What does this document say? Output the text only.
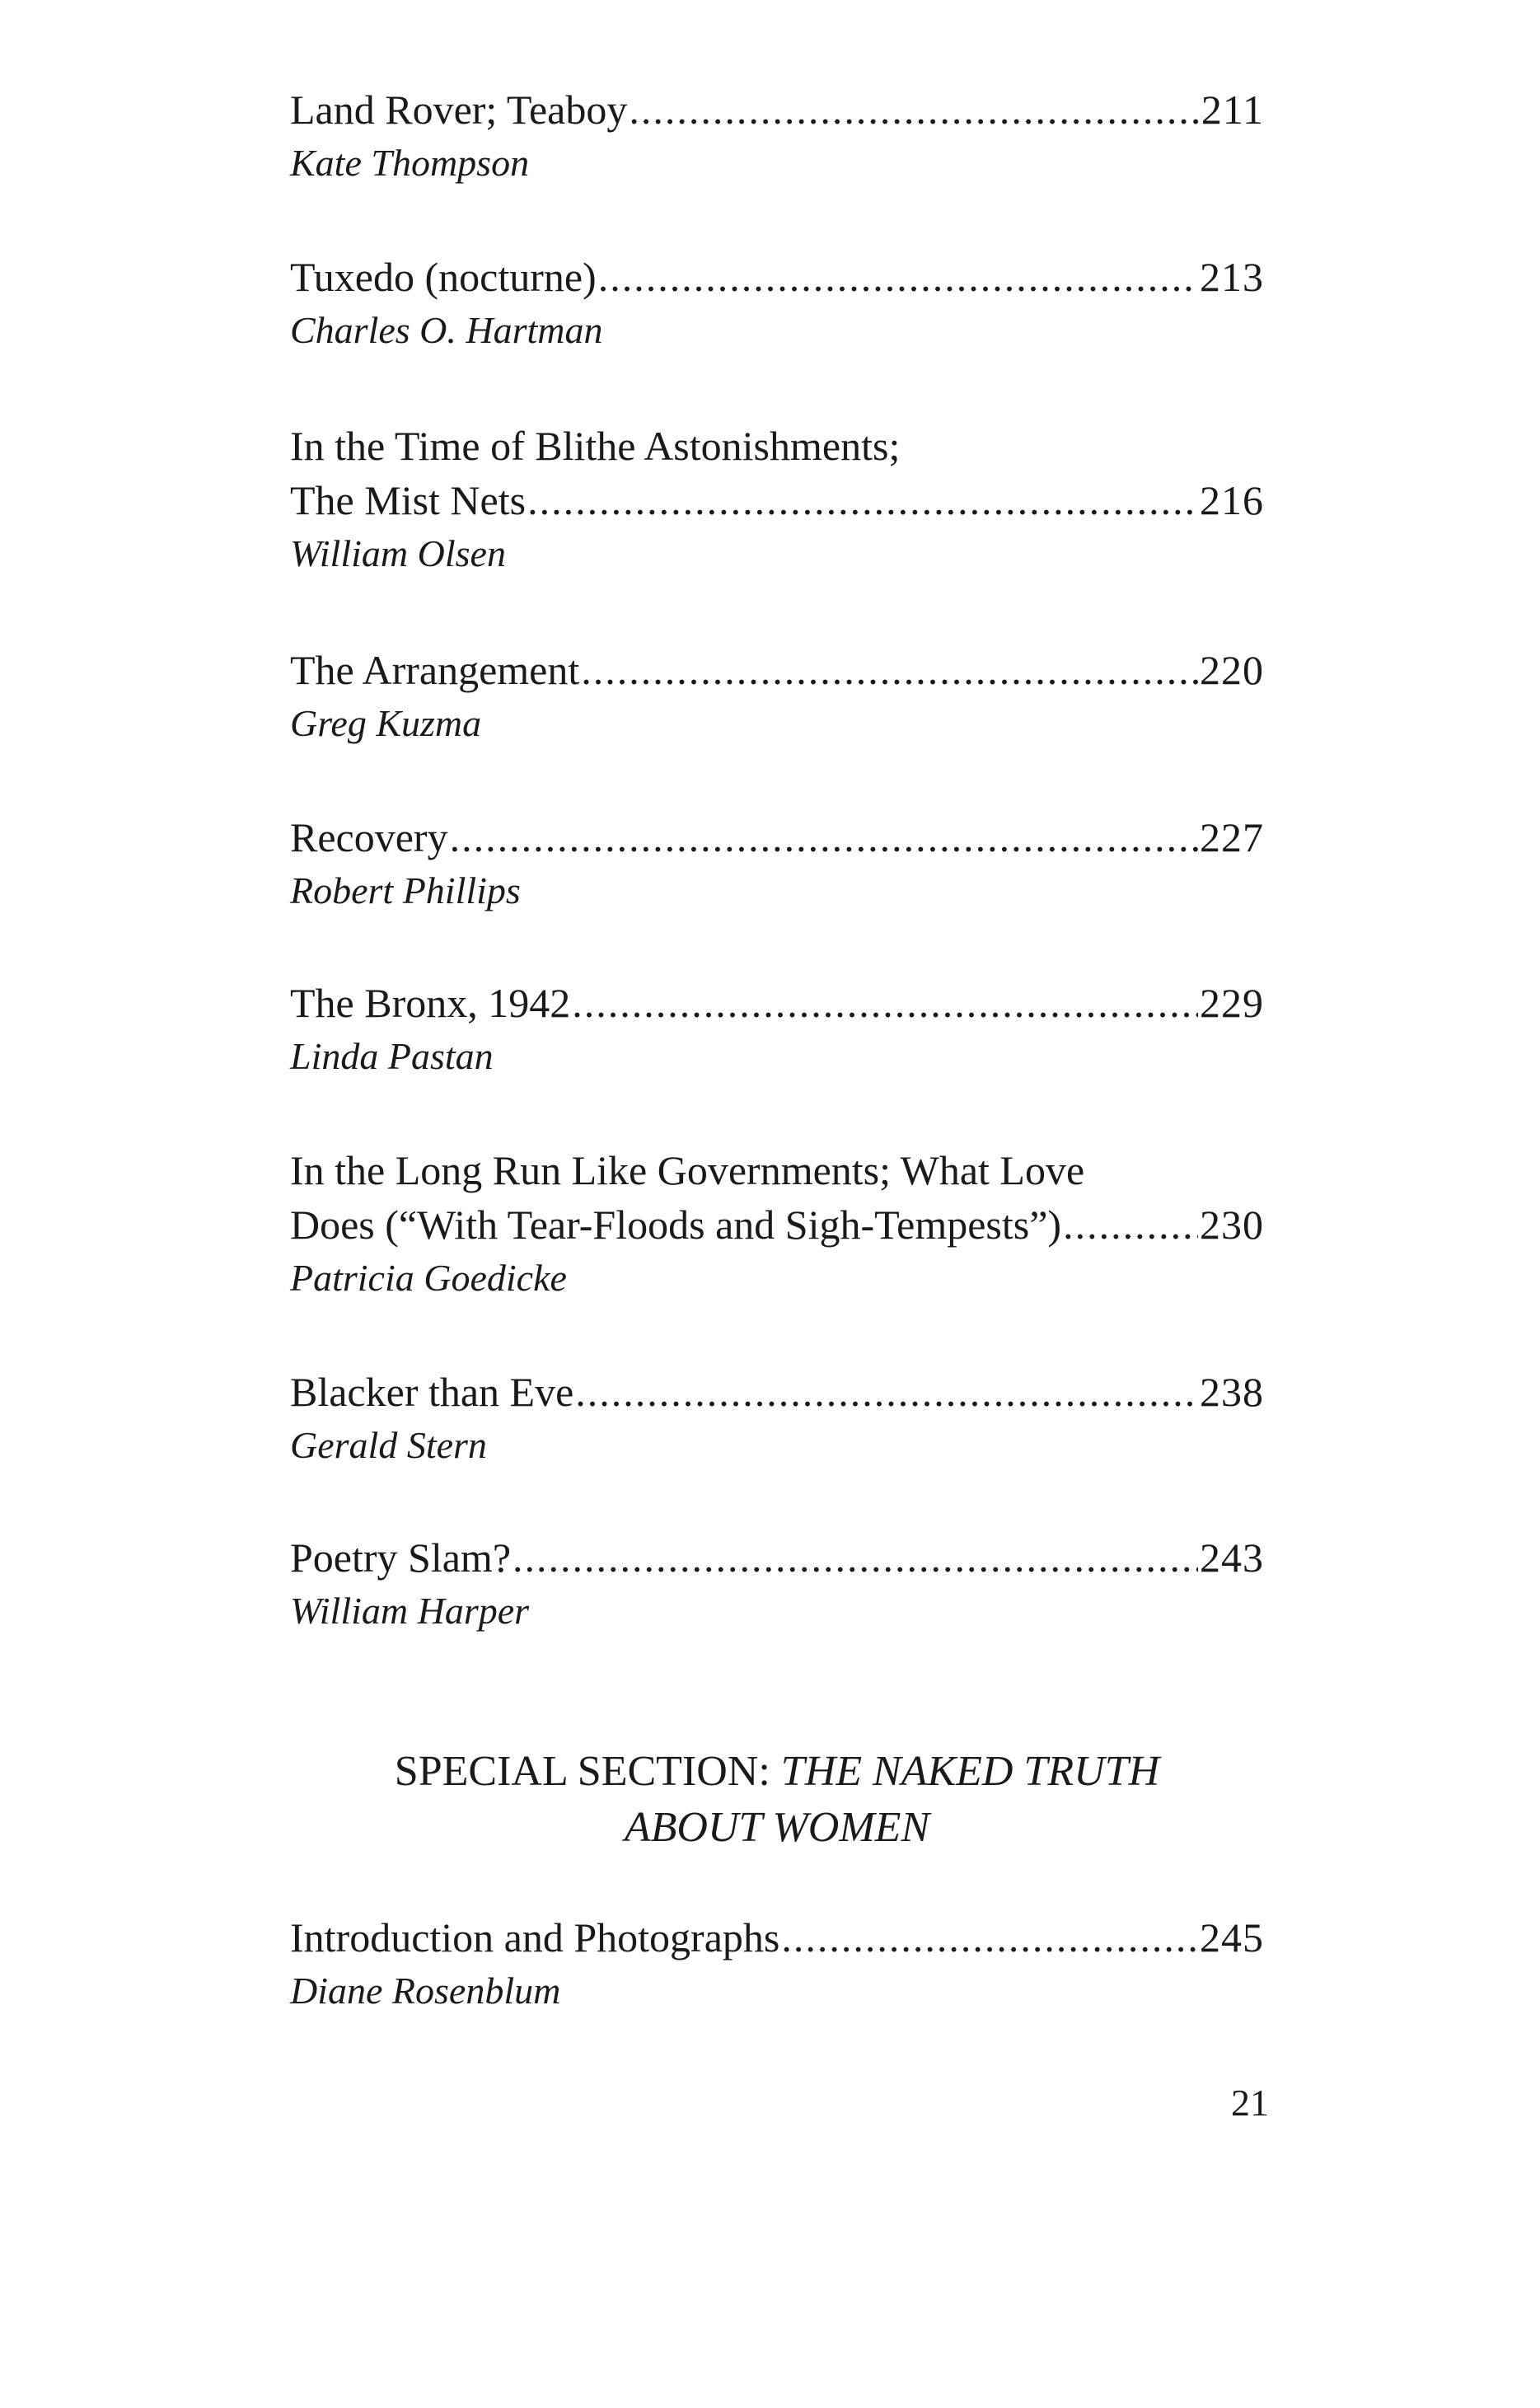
Land Rover; Teaboy .....	211
Kate Thompson
Tuxedo (nocturne) .....	213
Charles O. Hartman
In the Time of Blithe Astonishments;
The Mist Nets .....	216
William Olsen
The Arrangement .....	220
Greg Kuzma
Recovery .....	227
Robert Phillips
The Bronx, 1942 .....	229
Linda Pastan
In the Long Run Like Governments; What Love
Does (“With Tear-Floods and Sigh-Tempests”) .....	230
Patricia Goedicke
Blacker than Eve .....	238
Gerald Stern
Poetry Slam? .....	243
William Harper
SPECIAL SECTION: THE NAKED TRUTH
ABOUT WOMEN
Introduction and Photographs .....	245
Diane Rosenblum
21
